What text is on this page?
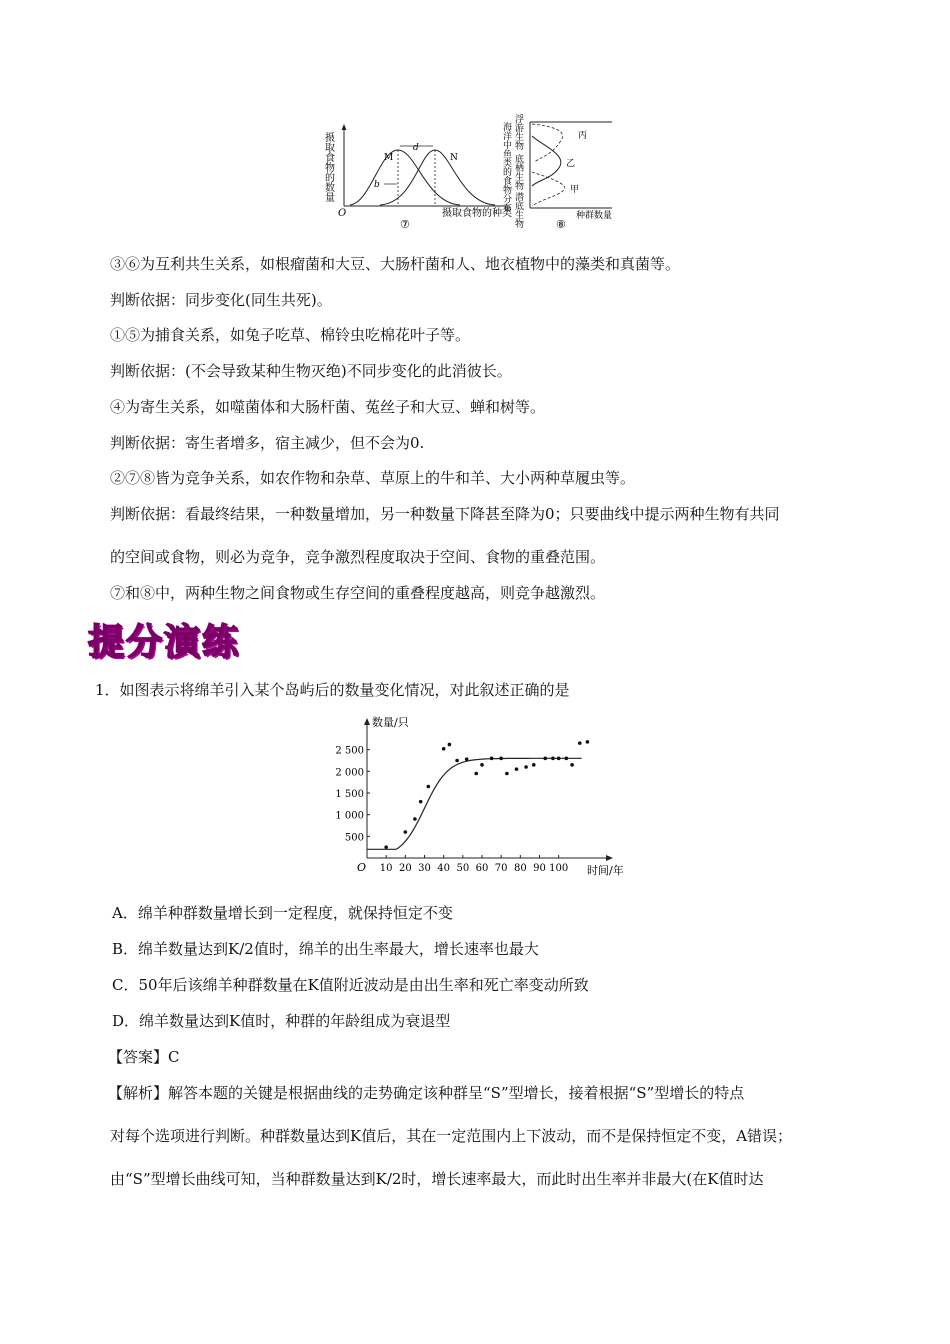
摄取食物的数量
O
d
b
M	N
摄取食物的种类
⑦
海洋中鱼类的食物分布 浮游生物
底栖生物
潜底生物
丙
乙
甲
种群数量
⑧
③⑥为互利共生关系，如根瘤菌和大豆、大肠杆菌和人、地衣植物中的藻类和真菌等。
判断依据：同步变化(同生共死)。
①⑤为捕食关系，如兔子吃草、棉铃虫吃棉花叶子等。
判断依据：(不会导致某种生物灭绝)不同步变化的此消彼长。
④为寄生关系，如噬菌体和大肠杆菌、菟丝子和大豆、蝉和树等。
判断依据：寄生者增多，宿主减少，但不会为0.
②⑦⑧皆为竞争关系，如农作物和杂草、草原上的牛和羊、大小两种草履虫等。
判断依据：看最终结果，一种数量增加，另一种数量下降甚至降为0；只要曲线中提示两种生物有共同
的空间或食物，则必为竞争，竞争激烈程度取决于空间、食物的重叠范围。
⑦和⑧中，两种生物之间食物或生存空间的重叠程度越高，则竞争越激烈。
提分演练
1．如图表示将绵羊引入某个岛屿后的数量变化情况，对此叙述正确的是
数量/只
时间/年
O 10 20 30 40 50 60 70 80 90 100
500
1 000
1 500
2 000
2 500
A．绵羊种群数量增长到一定程度，就保持恒定不变
B．绵羊数量达到K/2值时，绵羊的出生率最大，增长速率也最大
C．50年后该绵羊种群数量在K值附近波动是由出生率和死亡率变动所致
D．绵羊数量达到K值时，种群的年龄组成为衰退型
【答案】C
【解析】解答本题的关键是根据曲线的走势确定该种群呈“S”型增长，接着根据“S”型增长的特点
对每个选项进行判断。种群数量达到K值后，其在一定范围内上下波动，而不是保持恒定不变，A错误；
由“S”型增长曲线可知，当种群数量达到K/2时，增长速率最大，而此时出生率并非最大(在K值时达
